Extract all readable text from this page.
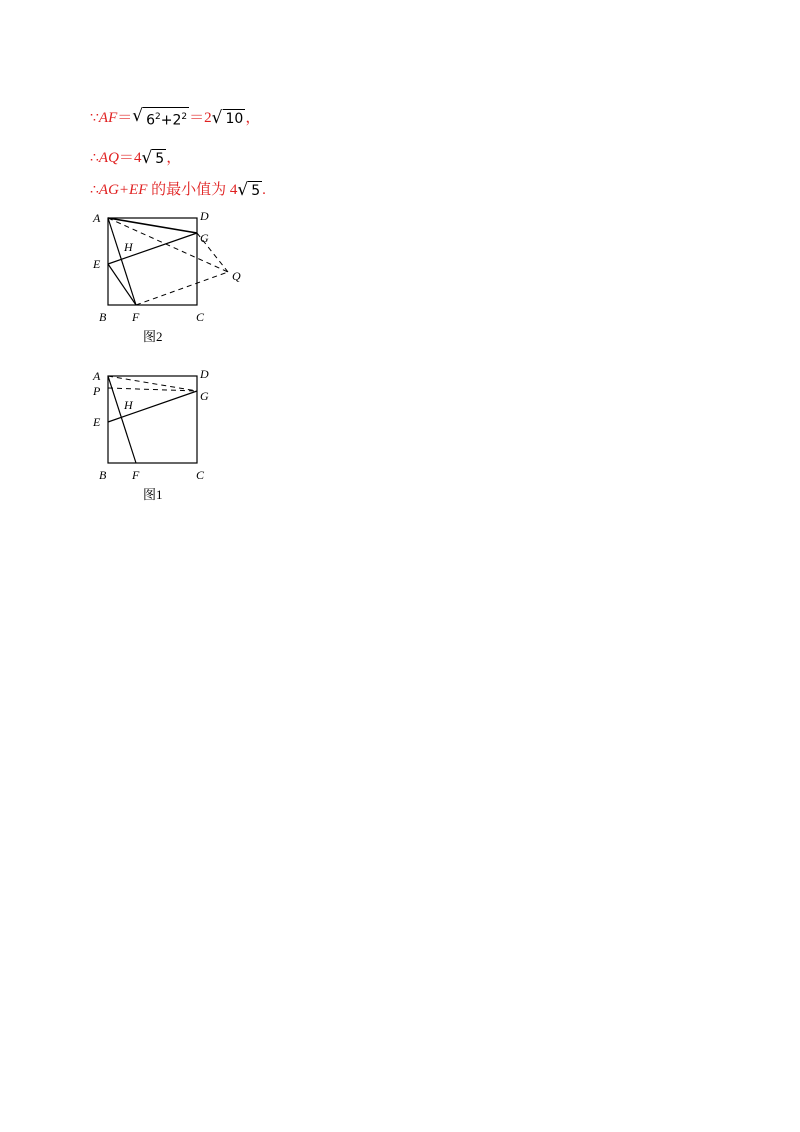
∵AF＝√ $6^2+2^2 =2√$ 10 ，
∴AQ＝4√ 5 ，
∴AG+EF 的最小值为 4√ 5 .
A	D
G
H
E
Q
B F	C
图2
A	D
P	G
H
E
B F	C
图1
